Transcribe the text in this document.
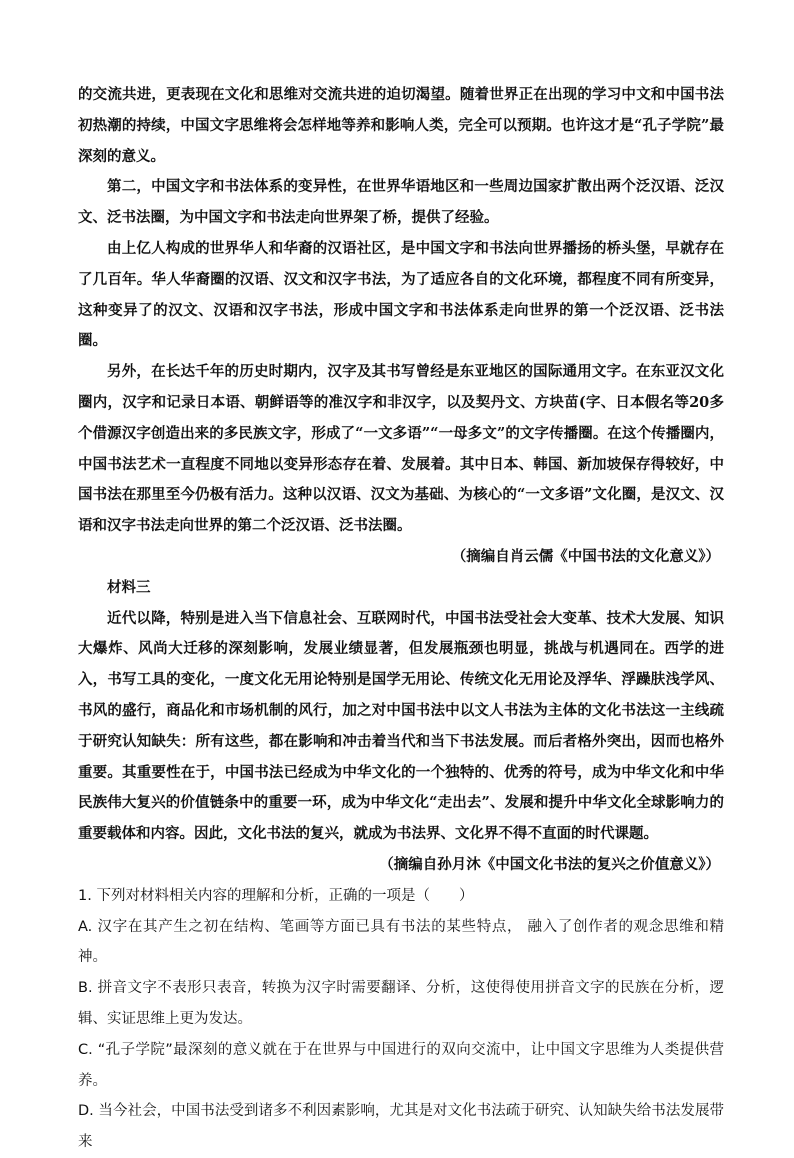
的交流共进，更表现在文化和思维对交流共进的迫切渴望。随着世界正在出现的学习中文和中国书法初热潮的持续，中国文字思维将会怎样地等养和影响人类，完全可以预期。也许这才是“孔子学院”最深刻的意义。

第二，中国文字和书法体系的变异性，在世界华语地区和一些周边国家扩散出两个泛汉语、泛汉文、泛书法圈，为中国文字和书法走向世界架了桥，提供了经验。

由上亿人构成的世界华人和华裔的汉语社区，是中国文字和书法向世界播扬的桥头堡，早就存在了几百年。华人华裔圈的汉语、汉文和汉字书法，为了适应各自的文化环境，都程度不同有所变异，这种变异了的汉文、汉语和汉字书法，形成中国文字和书法体系走向世界的第一个泛汉语、泛书法圈。

另外，在长达千年的历史时期内，汉字及其书写曾经是东亚地区的国际通用文字。在东亚汉文化圈内，汉字和记录日本语、朝鲜语等的准汉字和非汉字，以及契丹文、方块苗(字、日本假名等20多个借源汉字创造出来的多民族文字，形成了“一文多语”“一母多文”的文字传播圈。在这个传播圈内，中国书法艺术一直程度不同地以变异形态存在着、发展着。其中日本、韩国、新加坡保存得较好，中国书法在那里至今仍极有活力。这种以汉语、汉文为基础、为核心的“一文多语”文化圈，是汉文、汉语和汉字书法走向世界的第二个泛汉语、泛书法圈。

（摘编自肖云儒《中国书法的文化意义》）

材料三

近代以降，特别是进入当下信息社会、互联网时代，中国书法受社会大变革、技术大发展、知识大爆炸、风尚大迁移的深刻影响，发展业绩显著，但发展瓶颈也明显，挑战与机遇同在。西学的进入，书写工具的变化，一度文化无用论特别是国学无用论、传统文化无用论及浮华、浮躁肤浅学风、书风的盛行，商品化和市场机制的风行，加之对中国书法中以文人书法为主体的文化书法这一主线疏于研究认知缺失：所有这些，都在影响和冲击着当代和当下书法发展。而后者格外突出，因而也格外重要。其重要性在于，中国书法已经成为中华文化的一个独特的、优秀的符号，成为中华文化和中华民族伟大复兴的价值链条中的重要一环，成为中华文化“走出去”、发展和提升中华文化全球影响力的重要载体和内容。因此，文化书法的复兴，就成为书法界、文化界不得不直面的时代课题。

（摘编自孙月沐《中国文化书法的复兴之价值意义》）

1. 下列对材料相关内容的理解和分析，正确的一项是（　　）

A. 汉字在其产生之初在结构、笔画等方面已具有书法的某些特点， 融入了创作者的观念思维和精神。

B. 拼音文字不表形只表音，转换为汉字时需要翻译、分析，这使得使用拼音文字的民族在分析，逻辑、实证思维上更为发达。

C. “孔子学院”最深刻的意义就在于在世界与中国进行的双向交流中，让中国文字思维为人类提供营养。

D. 当今社会，中国书法受到诸多不利因素影响，尤其是对文化书法疏于研究、认知缺失给书法发展带来
